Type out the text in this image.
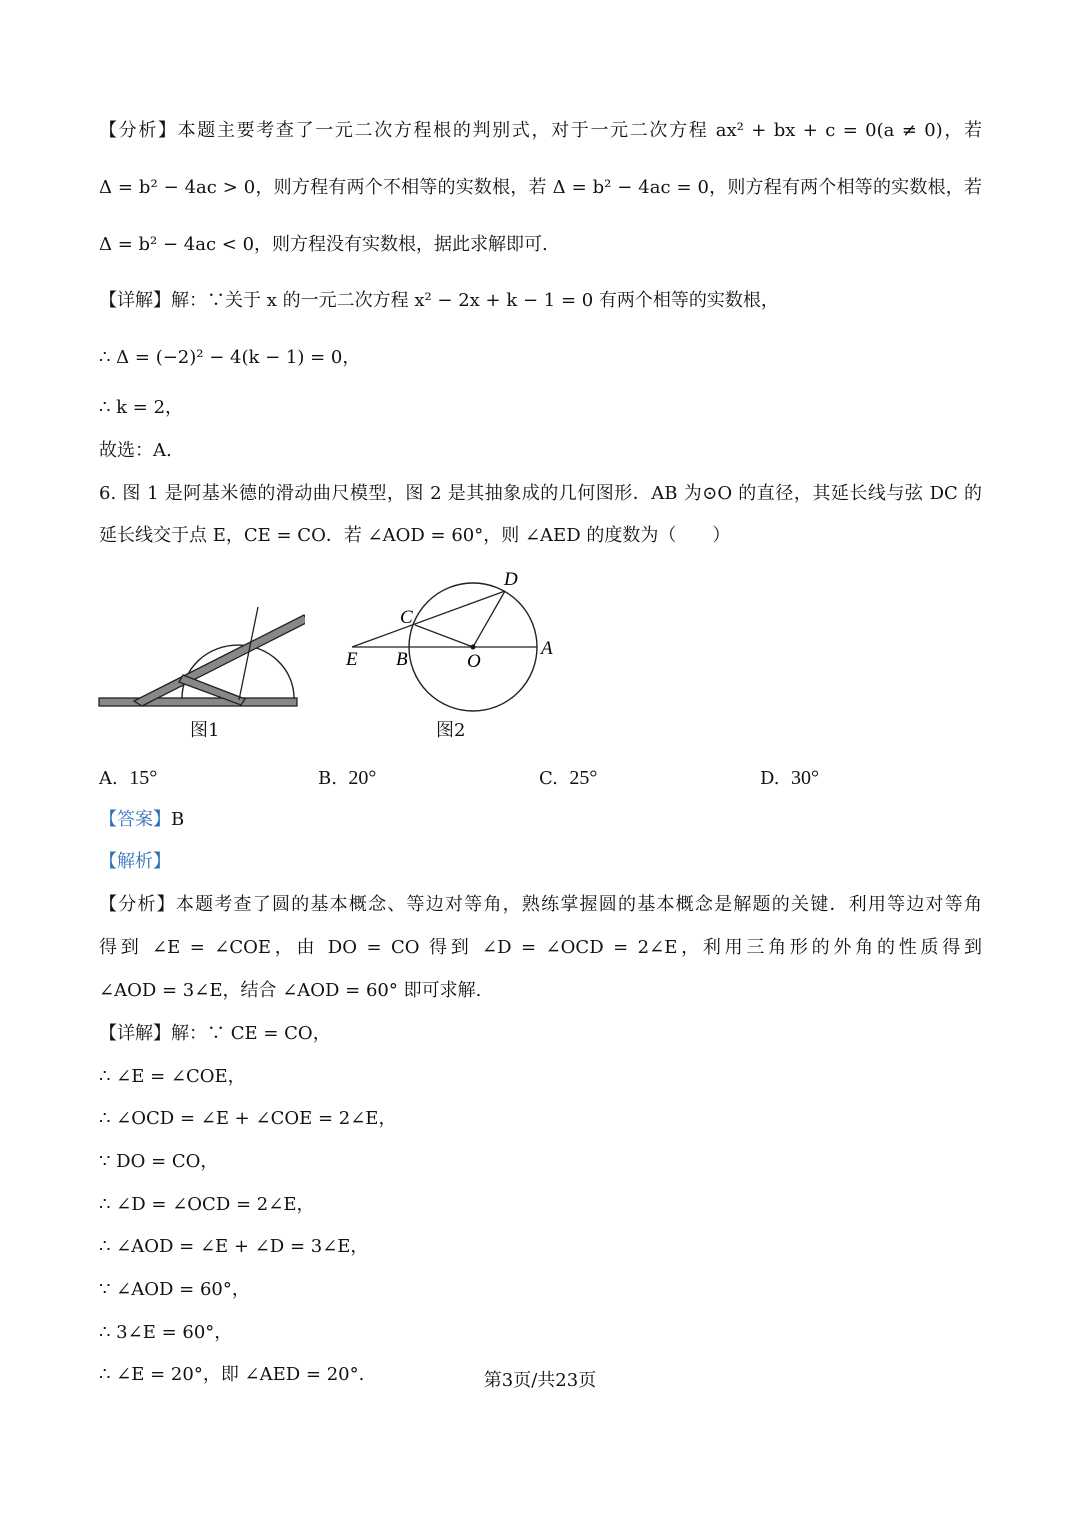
【分析】本题主要考查了一元二次方程根的判别式，对于一元二次方程 ax² + bx + c = 0(a ≠ 0)，若
Δ = b² − 4ac > 0，则方程有两个不相等的实数根，若 Δ = b² − 4ac = 0，则方程有两个相等的实数根，若
Δ = b² − 4ac < 0，则方程没有实数根，据此求解即可.
【详解】解：∵关于 x 的一元二次方程 x² − 2x + k − 1 = 0 有两个相等的实数根，
∴ Δ = (−2)² − 4(k − 1) = 0，
∴ k = 2，
故选：A.
6. 图 1 是阿基米德的滑动曲尺模型，图 2 是其抽象成的几何图形．AB 为⊙O 的直径，其延长线与弦 DC 的
延长线交于点 E，CE = CO．若 ∠AOD = 60°，则 ∠AED 的度数为（　　）
图1
D
C
E B	O
A
图2
A. 15°	B. 20°	C. 25°	D. 30°
【答案】B
【解析】
【分析】本题考查了圆的基本概念、等边对等角，熟练掌握圆的基本概念是解题的关键．利用等边对等角
得到 ∠E = ∠COE，由 DO = CO 得到 ∠D = ∠OCD = 2∠E，利用三角形的外角的性质得到
∠AOD = 3∠E，结合 ∠AOD = 60° 即可求解.
【详解】解：∵ CE = CO，
∴ ∠E = ∠COE，
∴ ∠OCD = ∠E + ∠COE = 2∠E，
∵ DO = CO，
∴ ∠D = ∠OCD = 2∠E，
∴ ∠AOD = ∠E + ∠D = 3∠E，
∵ ∠AOD = 60°，
∴ 3∠E = 60°，
∴ ∠E = 20°，即 ∠AED = 20°.	第3页/共23页
